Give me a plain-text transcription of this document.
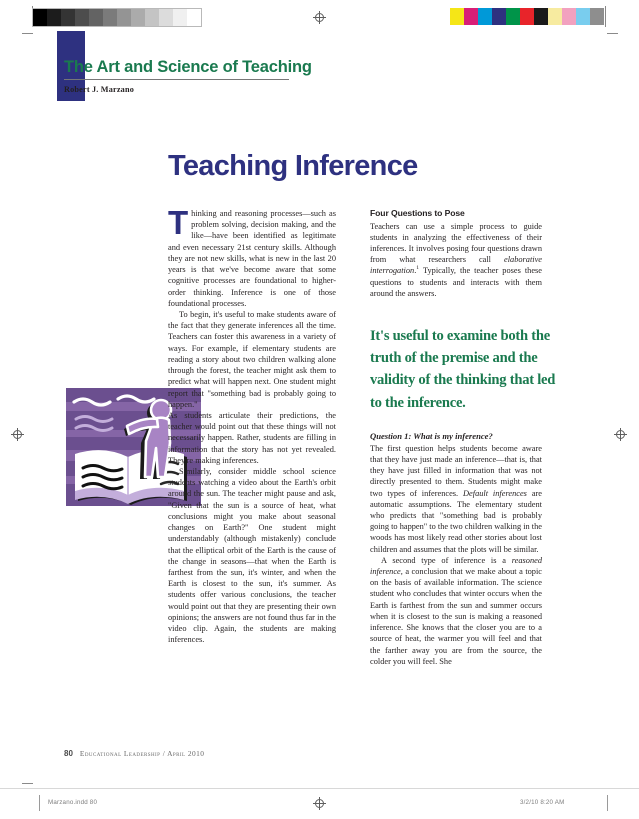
The Art and Science of Teaching
Robert J. Marzano
Teaching Inference

Thinking and reasoning processes—such as problem solving, decision making, and the like—have been identified as legitimate and even necessary 21st century skills. Although they are not new skills, what is new in the last 20 years is that we've become aware that some cognitive processes are foundational to higher-order thinking. Inference is one of those foundational processes.

To begin, it's useful to make students aware of the fact that they generate inferences all the time. Teachers can foster this awareness in a variety of ways. For example, if elementary students are reading a story about two children walking alone through the forest, the teacher might ask them to predict what will happen next. One student might report that "something bad is probably going to happen."

As students articulate their predictions, the teacher would point out that these things will not necessarily happen. Rather, students are filling in information that the story has not yet revealed. They're making inferences.

Similarly, consider middle school science students watching a video about the Earth's orbit around the sun. The teacher might pause and ask, "Given that the sun is a source of heat, what conclusions might you make about seasonal changes on Earth?" One student might understandably (although mistakenly) conclude that the elliptical orbit of the Earth is the cause of the change in seasons—that when the Earth is farthest from the sun, it's winter, and when the Earth is closest to the sun, it's summer. As students offer various conclusions, the teacher would point out that they are presenting their own opinions; the answers are not found thus far in the video clip. Again, the students are making inferences.

Four Questions to Pose

Teachers can use a simple process to guide students in analyzing the effectiveness of their inferences. It involves posing four questions drawn from what researchers call elaborative interrogation.$^1$ Typically, the teacher poses these questions to students and interacts with them around the answers.

Question 1: What is my inference?

The first question helps students become aware that they have just made an inference—that is, that they have just filled in information that was not directly presented to them. Students might make two types of inferences. Default inferences are automatic assumptions. The elementary student who predicts that "something bad is probably going to happen" to the two children walking in the woods has most likely read other stories about lost children and assumes that the plots will be similar.

A second type of inference is a reasoned inference, a conclusion that we make about a topic on the basis of available information. The science student who concludes that winter occurs when the Earth is farthest from the sun and summer occurs when it is closest to the sun is making a reasoned inference. She knows that the closer you are to a source of heat, the warmer you will feel and that the farther away you are from the source, the colder you will feel. She

It's useful to examine both the truth of the premise and the validity of the thinking that led to the inference.
80 Educational Leadership / April 2010
Marzano.indd 80	3/2/10 8:20 AM
